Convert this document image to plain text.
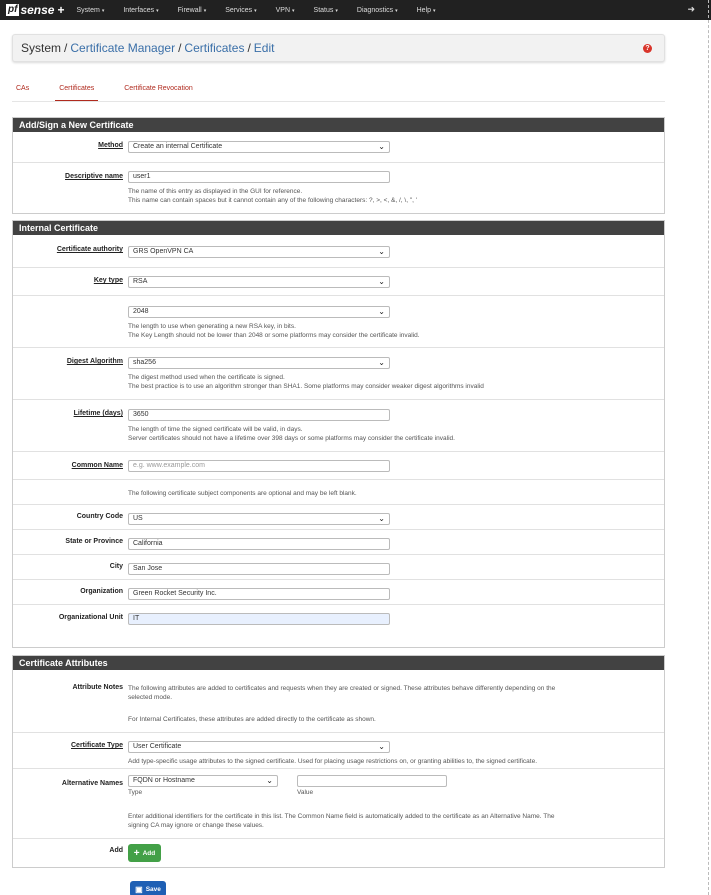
pf sense + System ▾	Interfaces ▾	Firewall ▾	Services ▾	VPN ▾	Status ▾	Diagnostics ▾	Help ▾	➜
System / Certificate Manager / Certificates / Edit	?
CAs	Certificates	Certificate Revocation
Add/Sign a New Certificate
Method	Create an internal Certificate	⌄
Descriptive name	user1
The name of this entry as displayed in the GUI for reference.
This name can contain spaces but it cannot contain any of the following characters: ?, >, <, &, /, \, ", '
Internal Certificate
Certificate authority	GRS OpenVPN CA	⌄
Key type	RSA	⌄
2048	⌄
The length to use when generating a new RSA key, in bits.
The Key Length should not be lower than 2048 or some platforms may consider the certificate invalid.
Digest Algorithm	sha256	⌄
The digest method used when the certificate is signed.
The best practice is to use an algorithm stronger than SHA1. Some platforms may consider weaker digest algorithms invalid
Lifetime (days)	3650
The length of time the signed certificate will be valid, in days.
Server certificates should not have a lifetime over 398 days or some platforms may consider the certificate invalid.
Common Name	e.g. www.example.com
The following certificate subject components are optional and may be left blank.
Country Code	US	⌄
State or Province	California
City	San Jose
Organization	Green Rocket Security Inc.
Organizational Unit	IT
Certificate Attributes
Attribute Notes The following attributes are added to certificates and requests when they are created or signed. These attributes behave differently depending on the
selected mode.
For Internal Certificates, these attributes are added directly to the certificate as shown.
Certificate Type	User Certificate	⌄
Add type-specific usage attributes to the signed certificate. Used for placing usage restrictions on, or granting abilities to, the signed certificate.
Alternative Names	FQDN or Hostname	⌄
Type	Value
Enter additional identifiers for the certificate in this list. The Common Name field is automatically added to the certificate as an Alternative Name. The
signing CA may ignore or change these values.
Add + Add
▣ Save
